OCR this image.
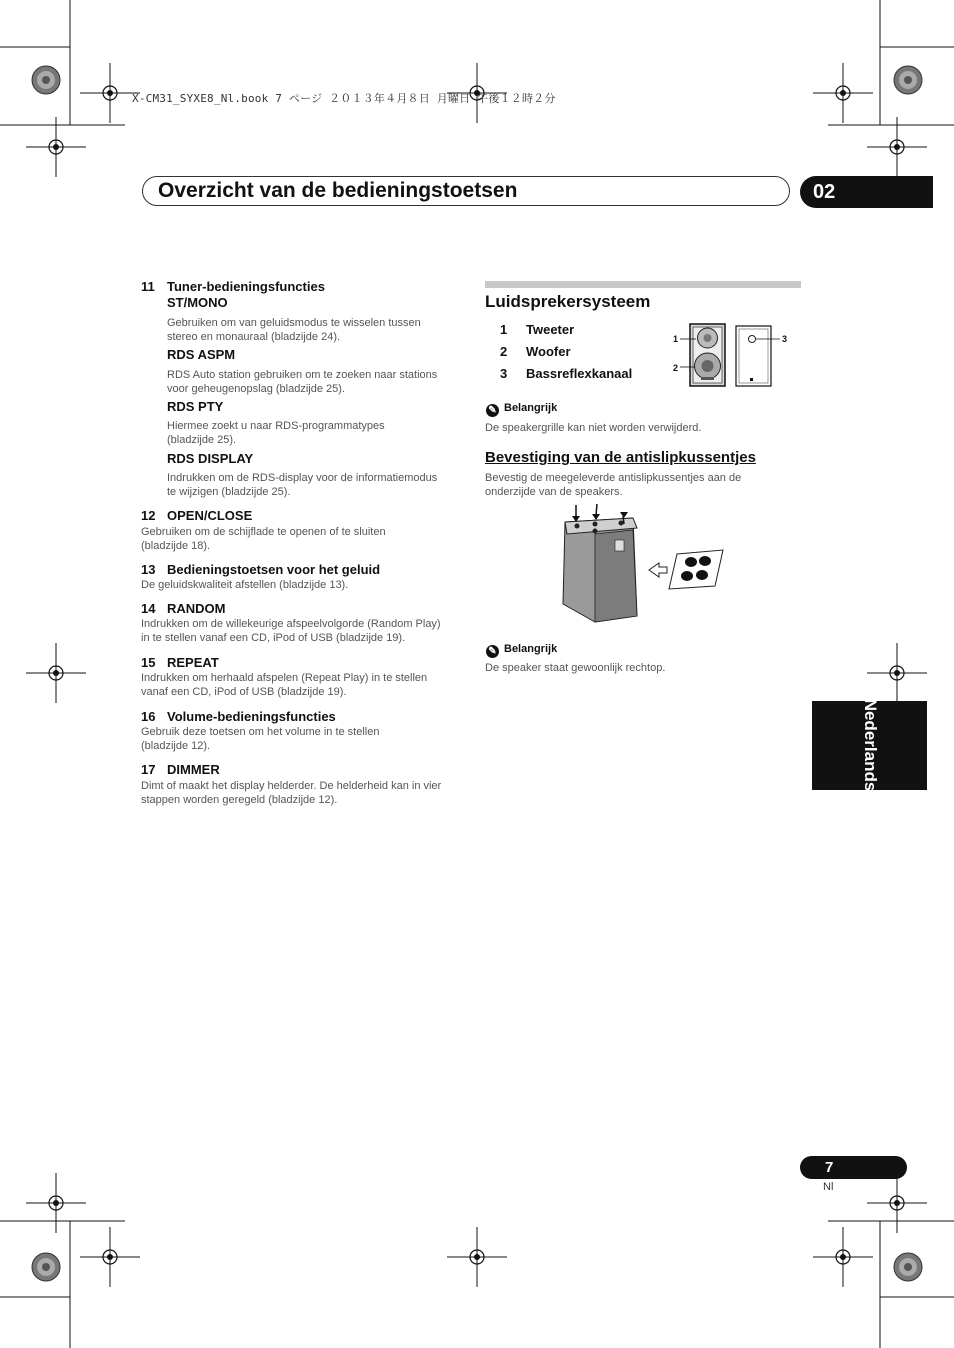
X-CM31_SYXE8_Nl.book 7 ページ ２０１３年４月８日 月曜日 午後１２時２分
Overzicht van de bedieningstoetsen	02
Nederlands
11 Tuner-bedieningsfuncties
ST/MONO
Gebruiken om van geluidsmodus te wisselen tussen
stereo en monauraal (bladzijde 24).
RDS ASPM
RDS Auto station gebruiken om te zoeken naar stations
voor geheugenopslag (bladzijde 25).
RDS PTY
Hiermee zoekt u naar RDS-programmatypes
(bladzijde 25).
RDS DISPLAY
Indrukken om de RDS-display voor de informatiemodus
te wijzigen (bladzijde 25).
12 OPEN/CLOSE
Gebruiken om de schijflade te openen of te sluiten
(bladzijde 18).
13 Bedieningstoetsen voor het geluid
De geluidskwaliteit afstellen (bladzijde 13).
14 RANDOM
Indrukken om de willekeurige afspeelvolgorde (Random Play)
in te stellen vanaf een CD, iPod of USB (bladzijde 19).
15 REPEAT
Indrukken om herhaald afspelen (Repeat Play) in te stellen
vanaf een CD, iPod of USB (bladzijde 19).
16 Volume-bedieningsfuncties
Gebruik deze toetsen om het volume in te stellen
(bladzijde 12).
17 DIMMER
Dimt of maakt het display helderder. De helderheid kan in vier
stappen worden geregeld (bladzijde 12).
Luidsprekersysteem
1 Tweeter
2 Woofer
3 Bassreflexkanaal
1
2
3
✎ Belangrijk
De speakergrille kan niet worden verwijderd.
Bevestiging van de antislipkussentjes
Bevestig de meegeleverde antislipkussentjes aan de
onderzijde van de speakers.
✎ Belangrijk
De speaker staat gewoonlijk rechtop.
7
Nl
